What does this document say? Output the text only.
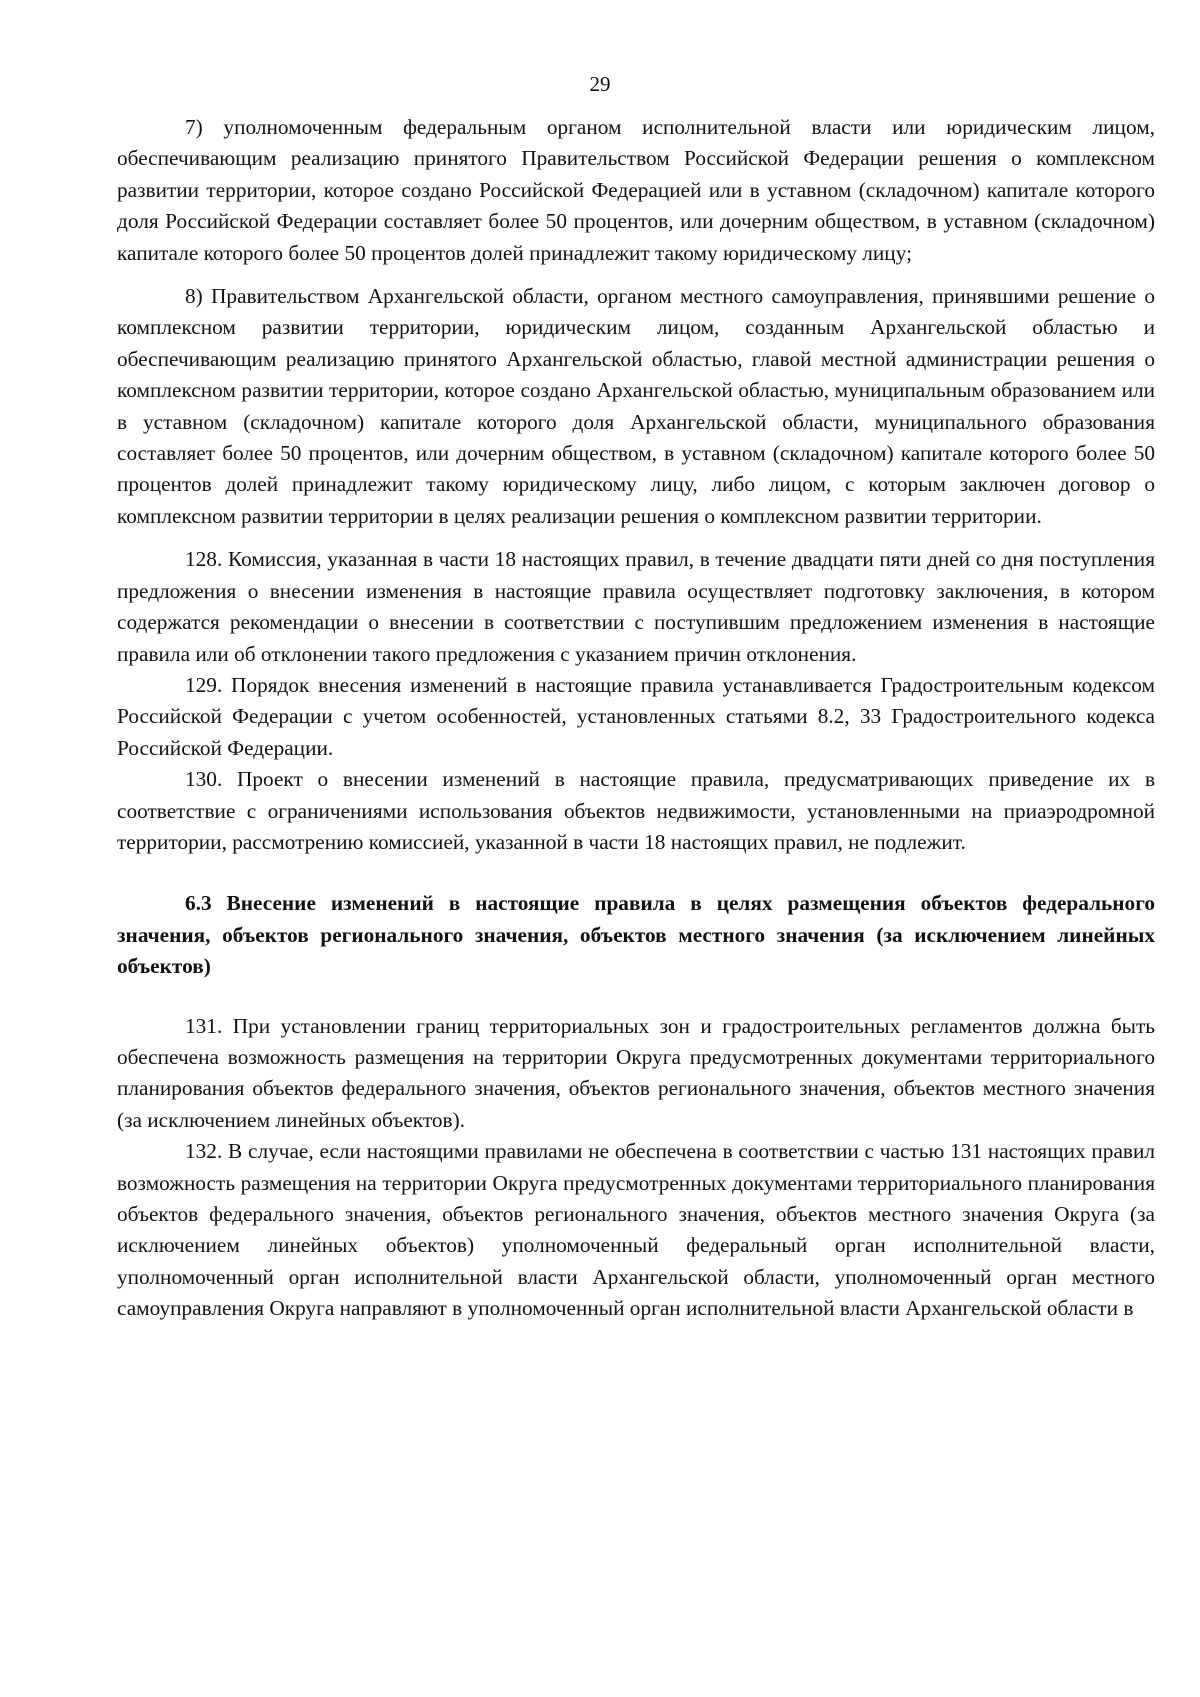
29

7) уполномоченным федеральным органом исполнительной власти или юридическим лицом, обеспечивающим реализацию принятого Правительством Российской Федерации решения о комплексном развитии территории, которое создано Российской Федерацией или в уставном (складочном) капитале которого доля Российской Федерации составляет более 50 процентов, или дочерним обществом, в уставном (складочном) капитале которого более 50 процентов долей принадлежит такому юридическому лицу;

8) Правительством Архангельской области, органом местного самоуправления, принявшими решение о комплексном развитии территории, юридическим лицом, созданным Архангельской областью и обеспечивающим реализацию принятого Архангельской областью, главой местной администрации решения о комплексном развитии территории, которое создано Архангельской областью, муниципальным образованием или в уставном (складочном) капитале которого доля Архангельской области, муниципального образования составляет более 50 процентов, или дочерним обществом, в уставном (складочном) капитале которого более 50 процентов долей принадлежит такому юридическому лицу, либо лицом, с которым заключен договор о комплексном развитии территории в целях реализации решения о комплексном развитии территории.

128. Комиссия, указанная в части 18 настоящих правил, в течение двадцати пяти дней со дня поступления предложения о внесении изменения в настоящие правила осуществляет подготовку заключения, в котором содержатся рекомендации о внесении в соответствии с поступившим предложением изменения в настоящие правила или об отклонении такого предложения с указанием причин отклонения.

129. Порядок внесения изменений в настоящие правила устанавливается Градостроительным кодексом Российской Федерации с учетом особенностей, установленных статьями 8.2, 33 Градостроительного кодекса Российской Федерации.

130. Проект о внесении изменений в настоящие правила, предусматривающих приведение их в соответствие с ограничениями использования объектов недвижимости, установленными на приаэродромной территории, рассмотрению комиссией, указанной в части 18 настоящих правил, не подлежит.

6.3 Внесение изменений в настоящие правила в целях размещения объектов федерального значения, объектов регионального значения, объектов местного значения (за исключением линейных объектов)

131. При установлении границ территориальных зон и градостроительных регламентов должна быть обеспечена возможность размещения на территории Округа предусмотренных документами территориального планирования объектов федерального значения, объектов регионального значения, объектов местного значения (за исключением линейных объектов).

132. В случае, если настоящими правилами не обеспечена в соответствии с частью 131 настоящих правил возможность размещения на территории Округа предусмотренных документами территориального планирования объектов федерального значения, объектов регионального значения, объектов местного значения Округа (за исключением линейных объектов) уполномоченный федеральный орган исполнительной власти, уполномоченный орган исполнительной власти Архангельской области, уполномоченный орган местного самоуправления Округа направляют в уполномоченный орган исполнительной власти Архангельской области в
